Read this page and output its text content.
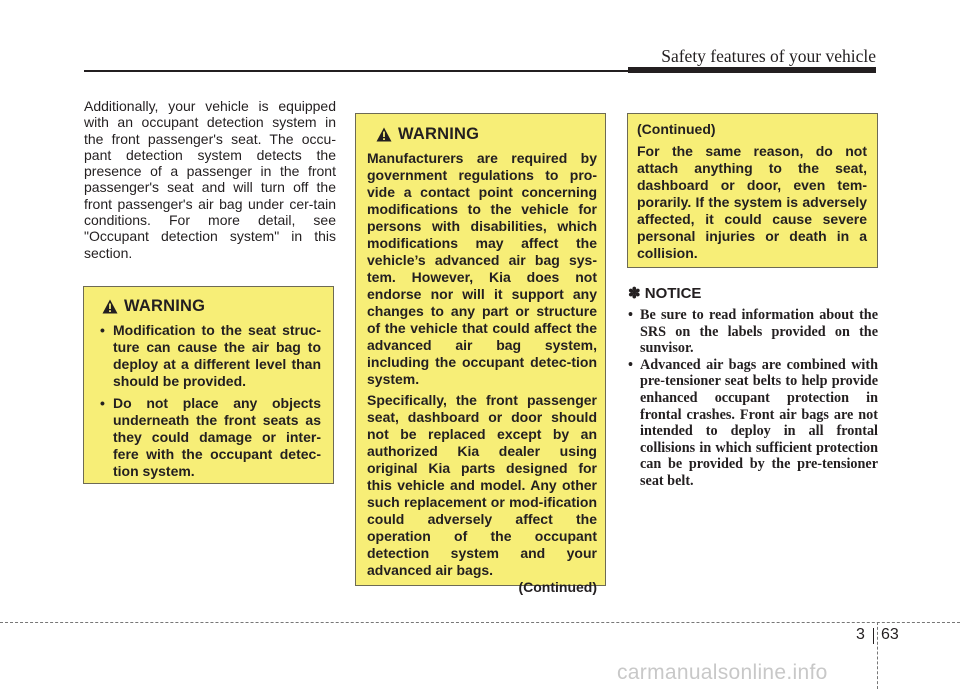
Safety features of your vehicle
Additionally, your vehicle is equipped with an occupant detection system in the front passenger's seat. The occu-pant detection system detects the presence of a passenger in the front passenger's seat and will turn off the front passenger's air bag under cer-tain conditions. For more detail, see "Occupant detection system" in this section.
WARNING
• Modification to the seat struc-ture can cause the air bag to deploy at a different level than should be provided.
• Do not place any objects underneath the front seats as they could damage or inter-fere with the occupant detec-tion system.
WARNING

Manufacturers are required by government regulations to pro-vide a contact point concerning modifications to the vehicle for persons with disabilities, which modifications may affect the vehicle’s advanced air bag sys-tem. However, Kia does not endorse nor will it support any changes to any part or structure of the vehicle that could affect the advanced air bag system, including the occupant detec-tion system.

Specifically, the front passenger seat, dashboard or door should not be replaced except by an authorized Kia dealer using original Kia parts designed for this vehicle and model. Any other such replacement or mod-ification could adversely affect the operation of the occupant detection system and your advanced air bags.

(Continued)
(Continued)
For the same reason, do not attach anything to the seat, dashboard or door, even tem-porarily. If the system is adversely affected, it could cause severe personal injuries or death in a collision.
✽ NOTICE
• Be sure to read information about the SRS on the labels provided on the sunvisor.
• Advanced air bags are combined with pre-tensioner seat belts to help provide enhanced occupant protection in frontal crashes. Front air bags are not intended to deploy in all frontal collisions in which sufficient protection can be provided by the pre-tensioner seat belt.
3 63
carmanualsonline.info
